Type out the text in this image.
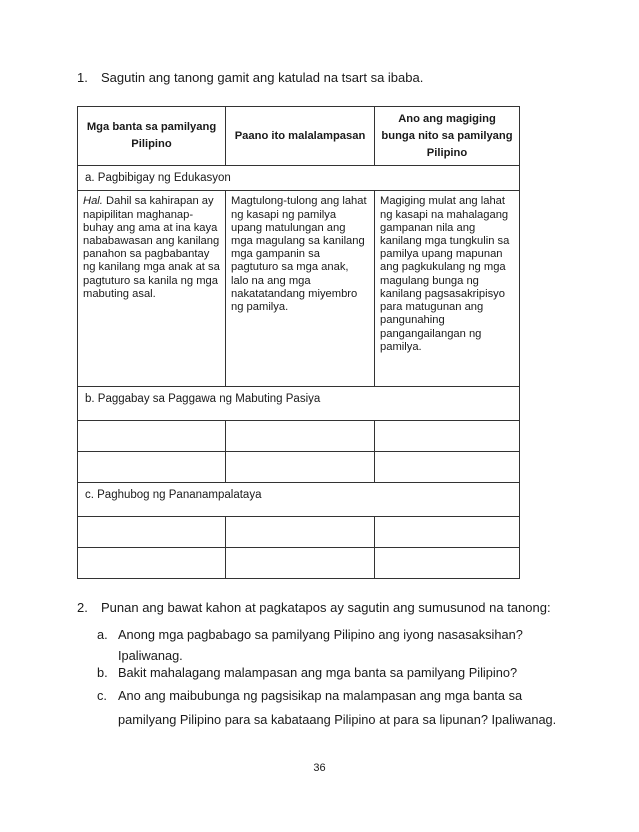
1. Sagutin ang tanong gamit ang katulad na tsart sa ibaba.
Mga banta sa pamilyang Pilipino	Paano ito malalampasan	Ano ang magiging bunga nito sa pamilyang Pilipino
a. Pagbibigay ng Edukasyon		
Hal. Dahil sa kahirapan ay napipilitan maghanap-buhay ang ama at ina kaya nababawasan ang kanilang panahon sa pagbabantay ng kanilang mga anak at sa pagtuturo sa kanila ng mga mabuting asal.	Magtulong-tulong ang lahat ng kasapi ng pamilya upang matulungan ang mga magulang sa kanilang mga gampanin sa pagtuturo sa mga anak, lalo na ang mga nakatatandang miyembro ng pamilya.	Magiging mulat ang lahat ng kasapi na mahalagang gampanan nila ang kanilang mga tungkulin sa pamilya upang mapunan ang pagkukulang ng mga magulang bunga ng kanilang pagsasakripisyo para matugunan ang pangunahing pangangailangan ng pamilya.
b. Paggabay sa Paggawa ng Mabuting Pasiya		

c. Paghubog ng Pananampalataya		

2. Punan ang bawat kahon at pagkatapos ay sagutin ang sumusunod na tanong:
a. Anong mga pagbabago sa pamilyang Pilipino ang iyong nasasaksihan?
Ipaliwanag.
b. Bakit mahalagang malampasan ang mga banta sa pamilyang Pilipino?
c. Ano ang maibubunga ng pagsisikap na malampasan ang mga banta sa
pamilyang Pilipino para sa kabataang Pilipino at para sa lipunan? Ipaliwanag.
36
